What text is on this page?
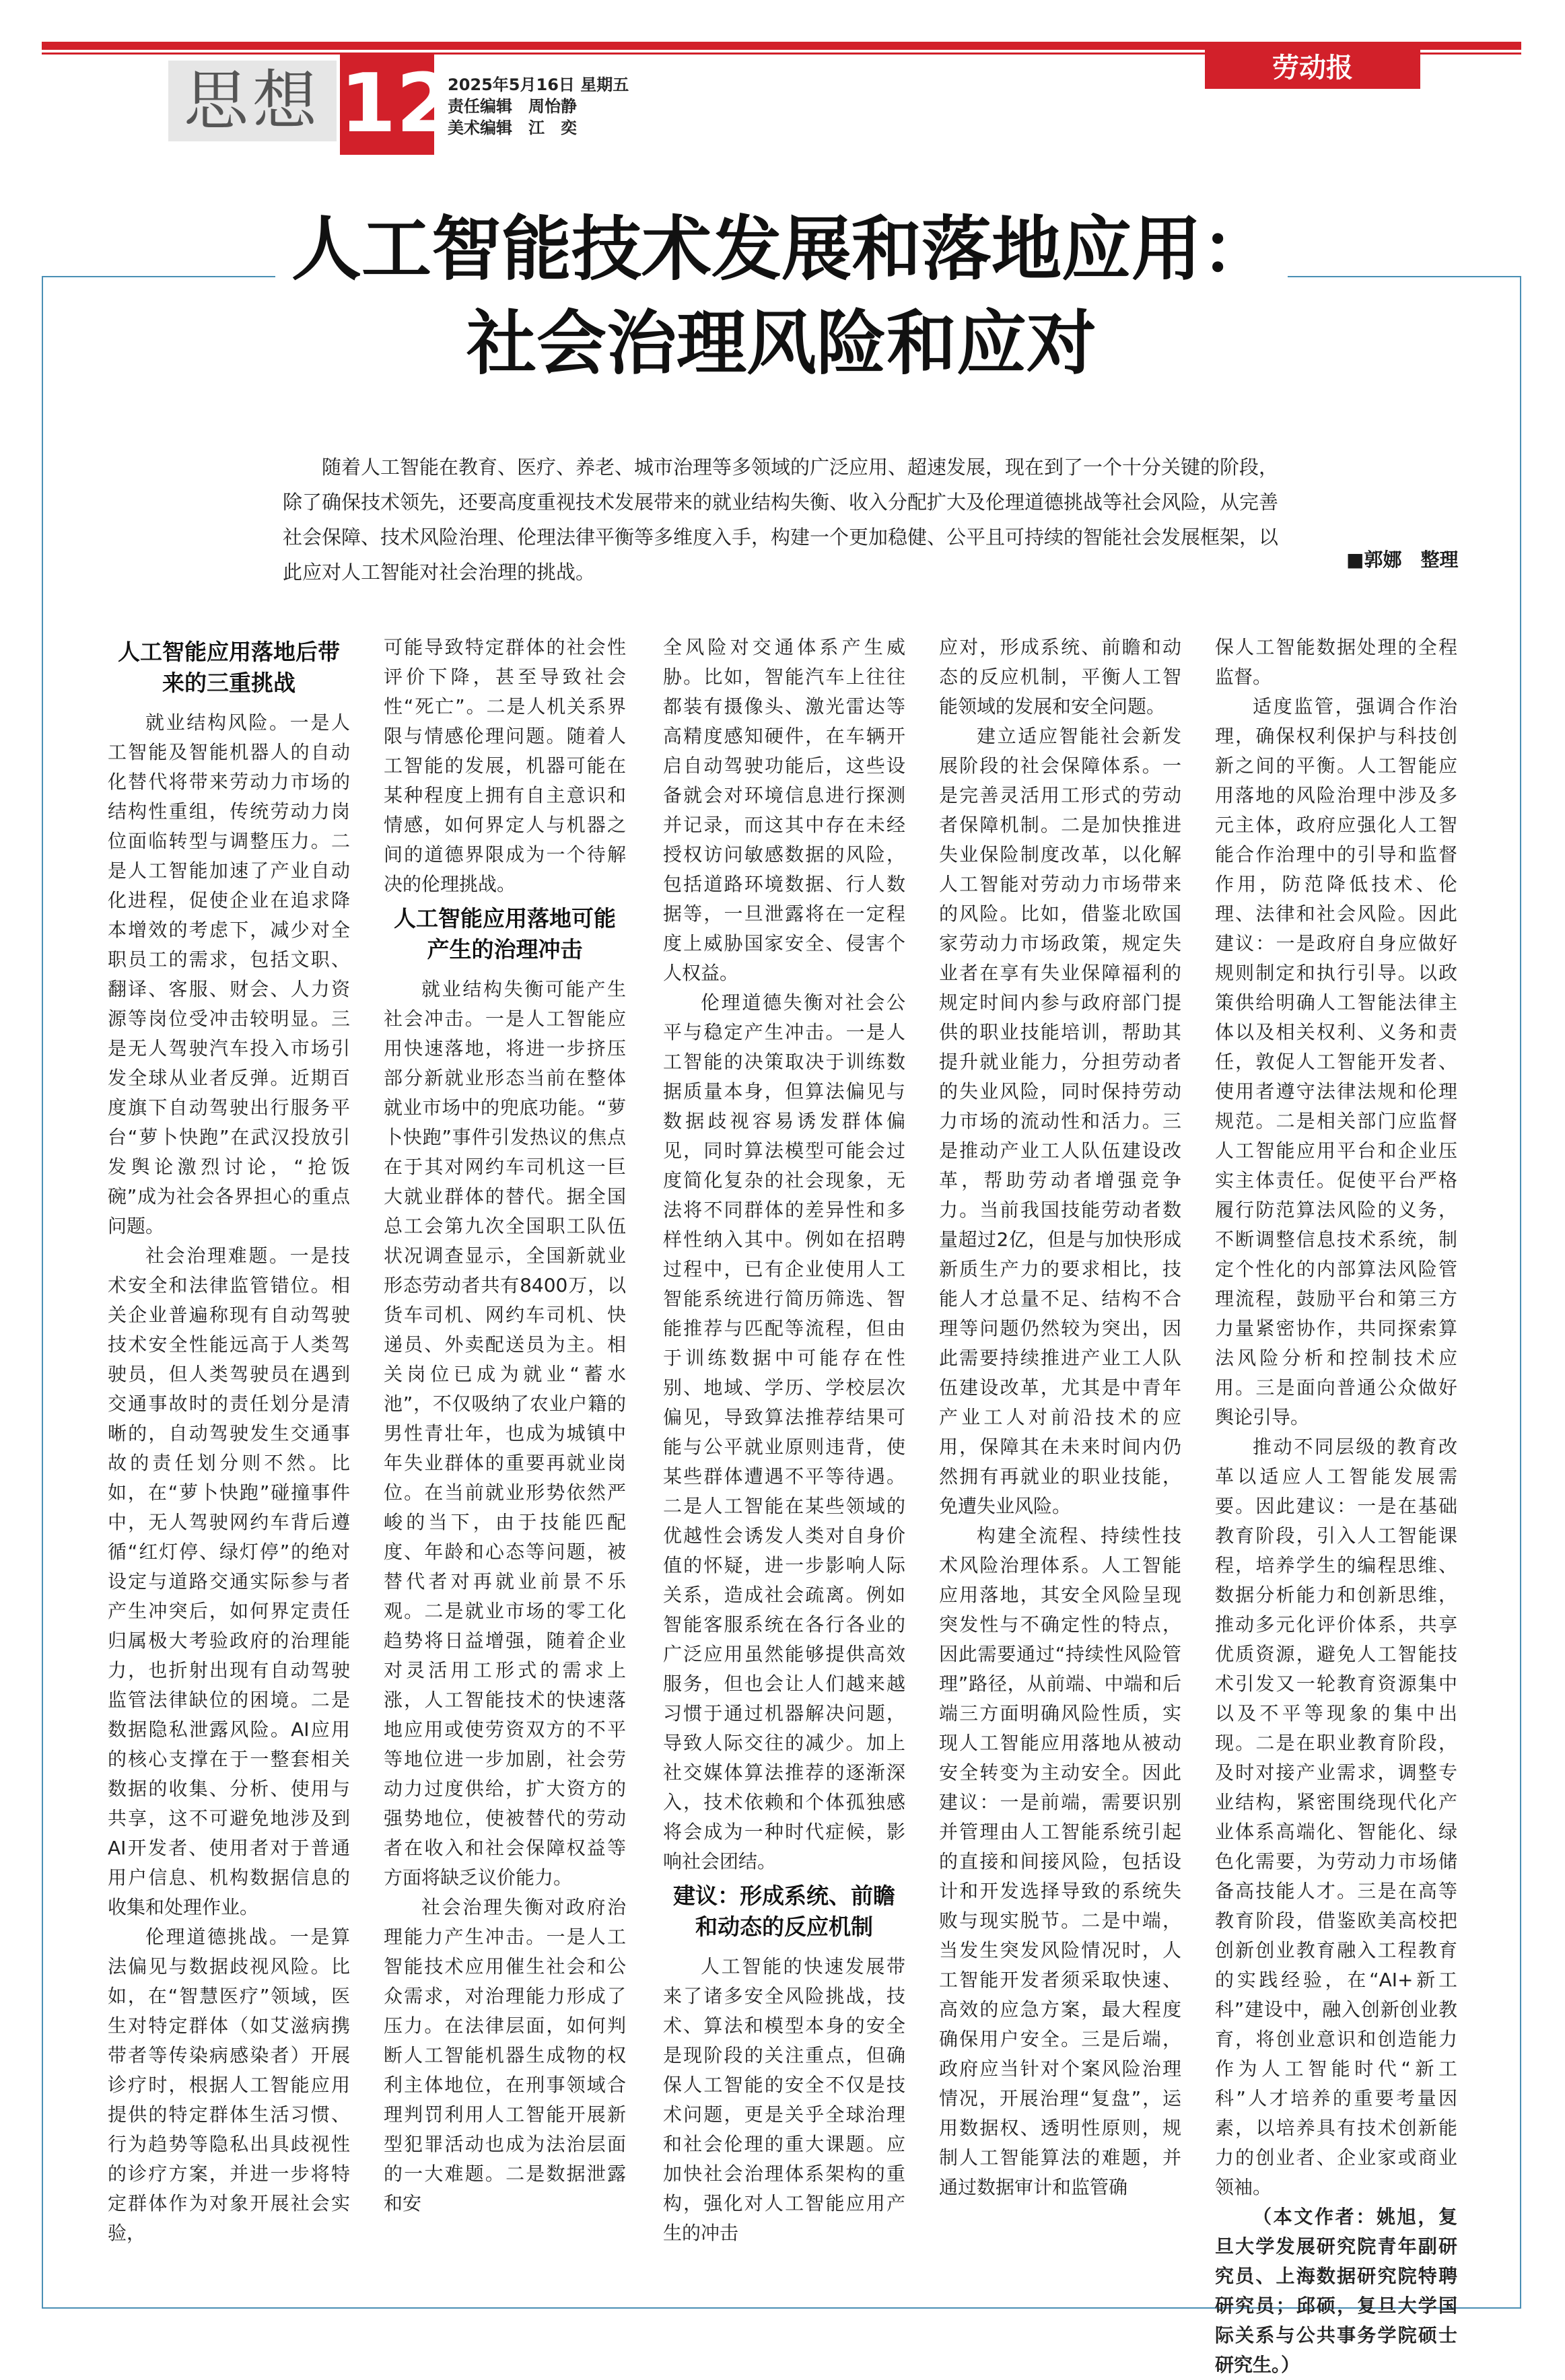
思想 12
2025年5月16日 星期五
责任编辑　周怡静
美术编辑　江　奕
劳动报
人工智能技术发展和落地应用：
社会治理风险和应对
随着人工智能在教育、医疗、养老、城市治理等多领域的广泛应用、超速发展，现在到了一个十分关键的阶段，除了确保技术领先，还要高度重视技术发展带来的就业结构失衡、收入分配扩大及伦理道德挑战等社会风险，从完善社会保障、技术风险治理、伦理法律平衡等多维度入手，构建一个更加稳健、公平且可持续的智能社会发展框架，以此应对人工智能对社会治理的挑战。
■郭娜　整理
人工智能应用落地后带来的三重挑战

就业结构风险。一是人工智能及智能机器人的自动化替代将带来劳动力市场的结构性重组，传统劳动力岗位面临转型与调整压力。二是人工智能加速了产业自动化进程，促使企业在追求降本增效的考虑下，减少对全职员工的需求，包括文职、翻译、客服、财会、人力资源等岗位受冲击较明显。三是无人驾驶汽车投入市场引发全球从业者反弹。近期百度旗下自动驾驶出行服务平台“萝卜快跑”在武汉投放引发舆论激烈讨论，“抢饭碗”成为社会各界担心的重点问题。

社会治理难题。一是技术安全和法律监管错位。相关企业普遍称现有自动驾驶技术安全性能远高于人类驾驶员，但人类驾驶员在遇到交通事故时的责任划分是清晰的，自动驾驶发生交通事故的责任划分则不然。比如，在“萝卜快跑”碰撞事件中，无人驾驶网约车背后遵循“红灯停、绿灯停”的绝对设定与道路交通实际参与者产生冲突后，如何界定责任归属极大考验政府的治理能力，也折射出现有自动驾驶监管法律缺位的困境。二是数据隐私泄露风险。AI应用的核心支撑在于一整套相关数据的收集、分析、使用与共享，这不可避免地涉及到AI开发者、使用者对于普通用户信息、机构数据信息的收集和处理作业。

伦理道德挑战。一是算法偏见与数据歧视风险。比如，在“智慧医疗”领域，医生对特定群体（如艾滋病携带者等传染病感染者）开展诊疗时，根据人工智能应用提供的特定群体生活习惯、行为趋势等隐私出具歧视性的诊疗方案，并进一步将特定群体作为对象开展社会实验，

可能导致特定群体的社会性评价下降，甚至导致社会性“死亡”。二是人机关系界限与情感伦理问题。随着人工智能的发展，机器可能在某种程度上拥有自主意识和情感，如何界定人与机器之间的道德界限成为一个待解决的伦理挑战。

人工智能应用落地可能产生的治理冲击

就业结构失衡可能产生社会冲击。一是人工智能应用快速落地，将进一步挤压部分新就业形态当前在整体就业市场中的兜底功能。“萝卜快跑”事件引发热议的焦点在于其对网约车司机这一巨大就业群体的替代。据全国总工会第九次全国职工队伍状况调查显示，全国新就业形态劳动者共有8400万，以货车司机、网约车司机、快递员、外卖配送员为主。相关岗位已成为就业“蓄水池”，不仅吸纳了农业户籍的男性青壮年，也成为城镇中年失业群体的重要再就业岗位。在当前就业形势依然严峻的当下，由于技能匹配度、年龄和心态等问题，被替代者对再就业前景不乐观。二是就业市场的零工化趋势将日益增强，随着企业对灵活用工形式的需求上涨，人工智能技术的快速落地应用或使劳资双方的不平等地位进一步加剧，社会劳动力过度供给，扩大资方的强势地位，使被替代的劳动者在收入和社会保障权益等方面将缺乏议价能力。

社会治理失衡对政府治理能力产生冲击。一是人工智能技术应用催生社会和公众需求，对治理能力形成了压力。在法律层面，如何判断人工智能机器生成物的权利主体地位，在刑事领域合理判罚利用人工智能开展新型犯罪活动也成为法治层面的一大难题。二是数据泄露和安

全风险对交通体系产生威胁。比如，智能汽车上往往都装有摄像头、激光雷达等高精度感知硬件，在车辆开启自动驾驶功能后，这些设备就会对环境信息进行探测并记录，而这其中存在未经授权访问敏感数据的风险，包括道路环境数据、行人数据等，一旦泄露将在一定程度上威胁国家安全、侵害个人权益。

伦理道德失衡对社会公平与稳定产生冲击。一是人工智能的决策取决于训练数据质量本身，但算法偏见与数据歧视容易诱发群体偏见，同时算法模型可能会过度简化复杂的社会现象，无法将不同群体的差异性和多样性纳入其中。例如在招聘过程中，已有企业使用人工智能系统进行简历筛选、智能推荐与匹配等流程，但由于训练数据中可能存在性别、地域、学历、学校层次偏见，导致算法推荐结果可能与公平就业原则违背，使某些群体遭遇不平等待遇。二是人工智能在某些领域的优越性会诱发人类对自身价值的怀疑，进一步影响人际关系，造成社会疏离。例如智能客服系统在各行各业的广泛应用虽然能够提供高效服务，但也会让人们越来越习惯于通过机器解决问题，导致人际交往的减少。加上社交媒体算法推荐的逐渐深入，技术依赖和个体孤独感将会成为一种时代症候，影响社会团结。

建议：形成系统、前瞻和动态的反应机制

人工智能的快速发展带来了诸多安全风险挑战，技术、算法和模型本身的安全是现阶段的关注重点，但确保人工智能的安全不仅是技术问题，更是关乎全球治理和社会伦理的重大课题。应加快社会治理体系架构的重构，强化对人工智能应用产生的冲击

应对，形成系统、前瞻和动态的反应机制，平衡人工智能领域的发展和安全问题。

建立适应智能社会新发展阶段的社会保障体系。一是完善灵活用工形式的劳动者保障机制。二是加快推进失业保险制度改革，以化解人工智能对劳动力市场带来的风险。比如，借鉴北欧国家劳动力市场政策，规定失业者在享有失业保障福利的规定时间内参与政府部门提供的职业技能培训，帮助其提升就业能力，分担劳动者的失业风险，同时保持劳动力市场的流动性和活力。三是推动产业工人队伍建设改革，帮助劳动者增强竞争力。当前我国技能劳动者数量超过2亿，但是与加快形成新质生产力的要求相比，技能人才总量不足、结构不合理等问题仍然较为突出，因此需要持续推进产业工人队伍建设改革，尤其是中青年产业工人对前沿技术的应用，保障其在未来时间内仍然拥有再就业的职业技能，免遭失业风险。

构建全流程、持续性技术风险治理体系。人工智能应用落地，其安全风险呈现突发性与不确定性的特点，因此需要通过“持续性风险管理”路径，从前端、中端和后端三方面明确风险性质，实现人工智能应用落地从被动安全转变为主动安全。因此建议：一是前端，需要识别并管理由人工智能系统引起的直接和间接风险，包括设计和开发选择导致的系统失败与现实脱节。二是中端，当发生突发风险情况时，人工智能开发者须采取快速、高效的应急方案，最大程度确保用户安全。三是后端，政府应当针对个案风险治理情况，开展治理“复盘”，运用数据权、透明性原则，规制人工智能算法的难题，并通过数据审计和监管确

保人工智能数据处理的全程监督。

适度监管，强调合作治理，确保权利保护与科技创新之间的平衡。人工智能应用落地的风险治理中涉及多元主体，政府应强化人工智能合作治理中的引导和监督作用，防范降低技术、伦理、法律和社会风险。因此建议：一是政府自身应做好规则制定和执行引导。以政策供给明确人工智能法律主体以及相关权利、义务和责任，敦促人工智能开发者、使用者遵守法律法规和伦理规范。二是相关部门应监督人工智能应用平台和企业压实主体责任。促使平台严格履行防范算法风险的义务，不断调整信息技术系统，制定个性化的内部算法风险管理流程，鼓励平台和第三方力量紧密协作，共同探索算法风险分析和控制技术应用。三是面向普通公众做好舆论引导。

推动不同层级的教育改革以适应人工智能发展需要。因此建议：一是在基础教育阶段，引入人工智能课程，培养学生的编程思维、数据分析能力和创新思维，推动多元化评价体系，共享优质资源，避免人工智能技术引发又一轮教育资源集中以及不平等现象的集中出现。二是在职业教育阶段，及时对接产业需求，调整专业结构，紧密围绕现代化产业体系高端化、智能化、绿色化需要，为劳动力市场储备高技能人才。三是在高等教育阶段，借鉴欧美高校把创新创业教育融入工程教育的实践经验，在“AI+新工科”建设中，融入创新创业教育，将创业意识和创造能力作为人工智能时代“新工科”人才培养的重要考量因素，以培养具有技术创新能力的创业者、企业家或商业领袖。

（本文作者：姚旭，复旦大学发展研究院青年副研究员、上海数据研究院特聘研究员；邱硕，复旦大学国际关系与公共事务学院硕士研究生。）
